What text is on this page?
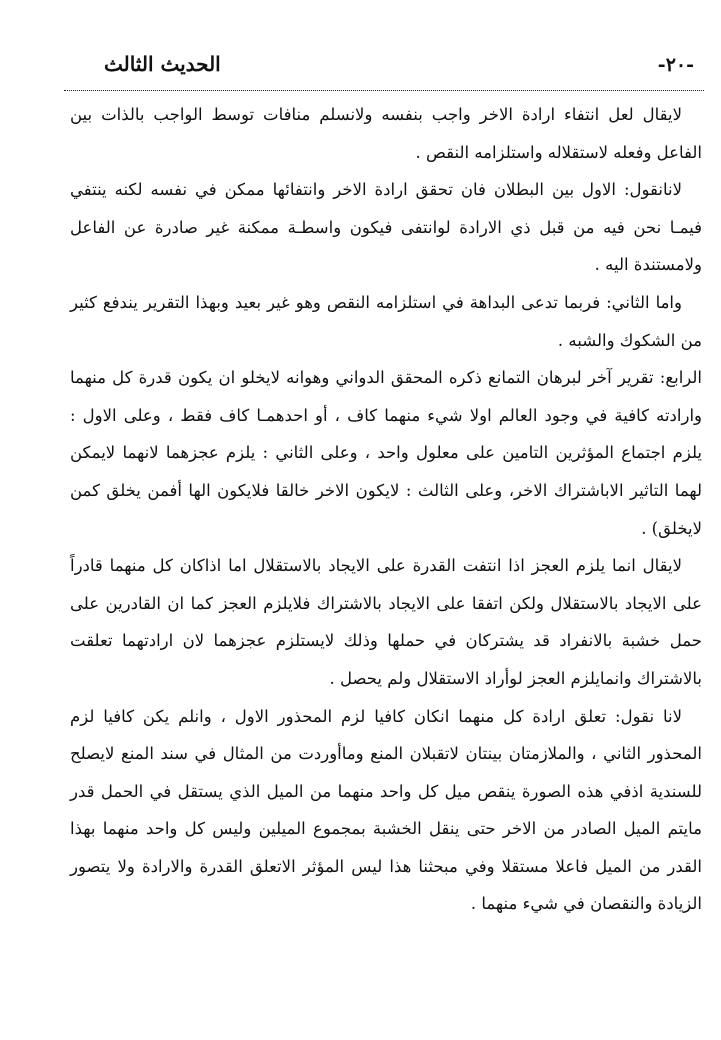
-٢٠-
الحديث الثالث

لايقال لعل انتفاء ارادة الاخر واجب بنفسه ولانسلم منافات توسط الواجب بالذات بين الفاعل وفعله لاستقلاله واستلزامه النقص .

لانانقول: الاول بين البطلان فان تحقق ارادة الاخر وانتفائها ممكن في نفسه لكنه ينتفي فيمـا نحن فيه من قبل ذي الارادة لوانتفى فيكون واسطـة ممكنة غير صادرة عن الفاعل ولامستندة اليه .

واما الثاني: فربما تدعى البداهة في استلزامه النقص وهو غير بعيد وبهذا التقرير يندفع كثير من الشكوك والشبه .

الرابع: تقرير آخر لبرهان التمانع ذكره المحقق الدواني وهوانه لايخلو ان يكون قدرة كل منهما وارادته كافية في وجود العالم اولا شيء منهما كاف ، أو احدهمـا كاف فقط ، وعلى الاول : يلزم اجتماع المؤثرين التامين على معلول واحد ، وعلى الثاني : يلزم عجزهما لانهما لايمكن لهما التاثير الاباشتراك الاخر، وعلى الثالث : لايكون الاخر خالقا فلايكون الها أفمن يخلق كمن لايخلق) .

لايقال انما يلزم العجز اذا انتفت القدرة على الايجاد بالاستقلال اما اذاكان كل منهما قادراً على الايجاد بالاستقلال ولكن اتفقا على الايجاد بالاشتراك فلايلزم العجز كما ان القادرين على حمل خشبة بالانفراد قد يشتركان في حملها وذلك لايستلزم عجزهما لان ارادتهما تعلقت بالاشتراك وانمايلزم العجز لوأراد الاستقلال ولم يحصل .

لانا نقول: تعلق ارادة كل منهما انكان كافيا لزم المحذور الاول ، وانلم يكن كافيا لزم المحذور الثاني ، والملازمتان بينتان لاتقبلان المنع وماأوردت من المثال في سند المنع لايصلح للسندية اذفي هذه الصورة ينقص ميل كل واحد منهما من الميل الذي يستقل في الحمل قدر مايتم الميل الصادر من الاخر حتى ينقل الخشبة بمجموع الميلين وليس كل واحد منهما بهذا القدر من الميل فاعلا مستقلا وفي مبحثنا هذا ليس المؤثر الاتعلق القدرة والارادة ولا يتصور الزيادة والنقصان في شيء منهما .
